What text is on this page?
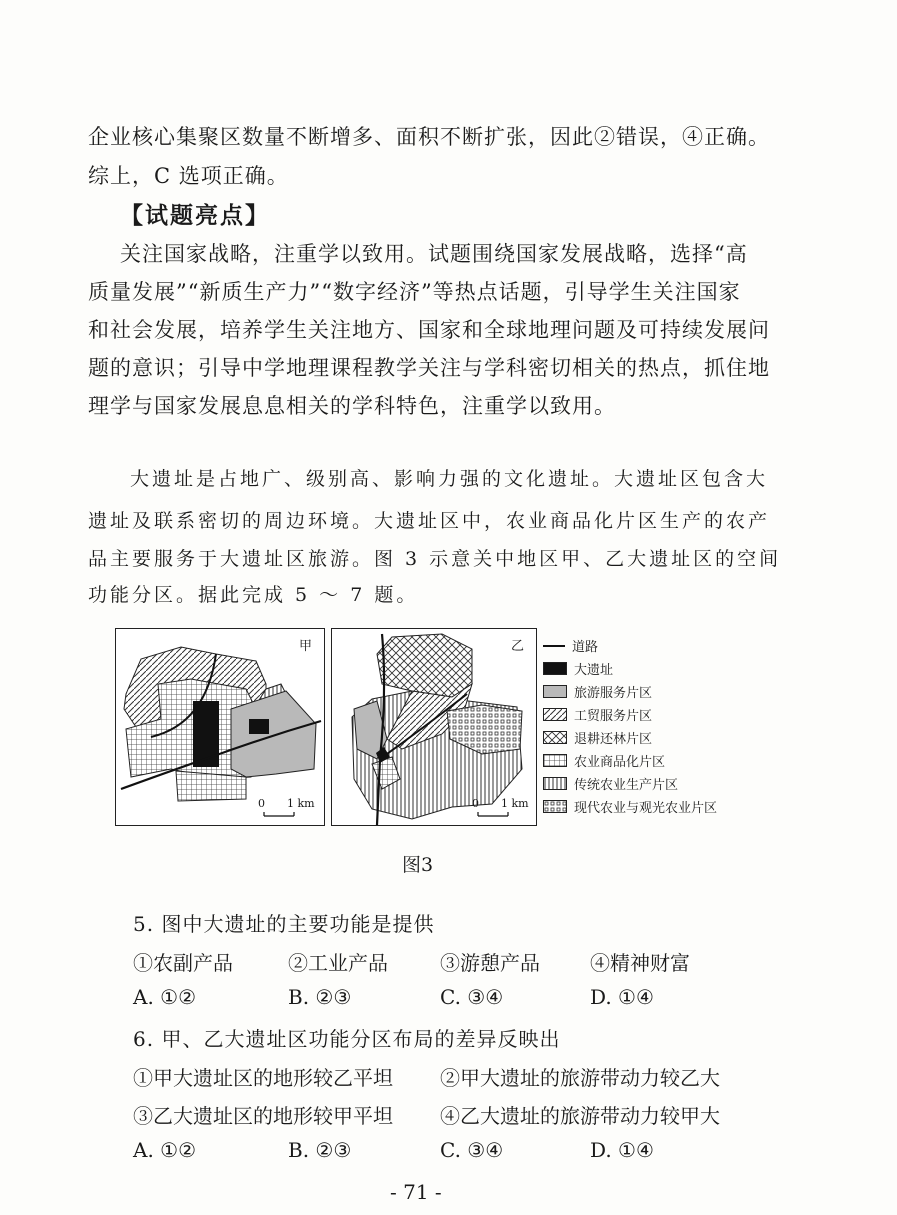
企业核心集聚区数量不断增多、面积不断扩张，因此②错误，④正确。
综上，C 选项正确。
【试题亮点】
关注国家战略，注重学以致用。试题围绕国家发展战略，选择“高
质量发展”“新质生产力”“数字经济”等热点话题，引导学生关注国家
和社会发展，培养学生关注地方、国家和全球地理问题及可持续发展问
题的意识；引导中学地理课程教学关注与学科密切相关的热点，抓住地
理学与国家发展息息相关的学科特色，注重学以致用。
大遗址是占地广、级别高、影响力强的文化遗址。大遗址区包含大
遗址及联系密切的周边环境。大遗址区中，农业商品化片区生产的农产
品主要服务于大遗址区旅游。图 3 示意关中地区甲、乙大遗址区的空间
功能分区。据此完成 5 ～ 7 题。
甲
0 1 km
乙
0 1 km
道路
大遗址
旅游服务片区
工贸服务片区
退耕还林片区
农业商品化片区
传统农业生产片区
现代农业与观光农业片区
图3
5. 图中大遗址的主要功能是提供
①农副产品	②工业产品	③游憩产品	④精神财富
A. ①②	B. ②③	C. ③④	D. ①④
6. 甲、乙大遗址区功能分区布局的差异反映出
①甲大遗址区的地形较乙平坦 ②甲大遗址的旅游带动力较乙大
③乙大遗址区的地形较甲平坦 ④乙大遗址的旅游带动力较甲大
A. ①②	B. ②③	C. ③④	D. ①④
- 71 -
